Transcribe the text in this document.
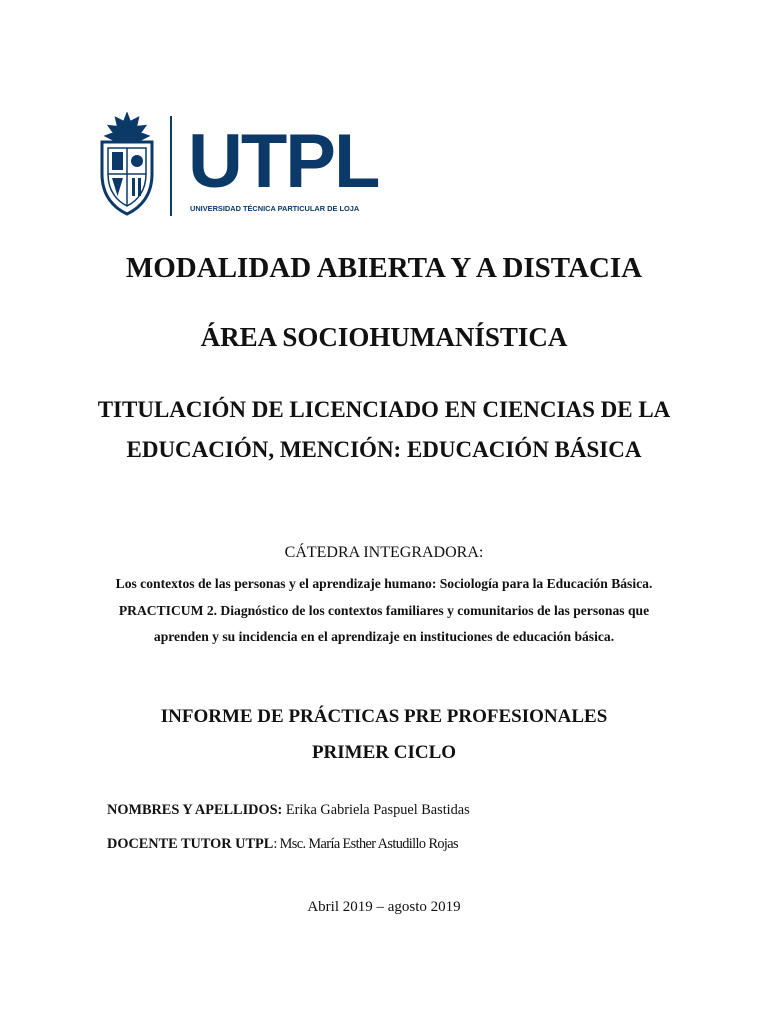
UTPL
UNIVERSIDAD TÉCNICA PARTICULAR DE LOJA
MODALIDAD ABIERTA Y A DISTACIA
ÁREA SOCIOHUMANÍSTICA
TITULACIÓN DE LICENCIADO EN CIENCIAS DE LA EDUCACIÓN, MENCIÓN: EDUCACIÓN BÁSICA
CÁTEDRA INTEGRADORA:
Los contextos de las personas y el aprendizaje humano: Sociología para la Educación Básica. PRACTICUM 2. Diagnóstico de los contextos familiares y comunitarios de las personas que aprenden y su incidencia en el aprendizaje en instituciones de educación básica.
INFORME DE PRÁCTICAS PRE PROFESIONALES
PRIMER CICLO
NOMBRES Y APELLIDOS: Erika Gabriela Paspuel Bastidas
DOCENTE TUTOR UTPL: Msc. María Esther Astudillo Rojas
Abril 2019 – agosto 2019
